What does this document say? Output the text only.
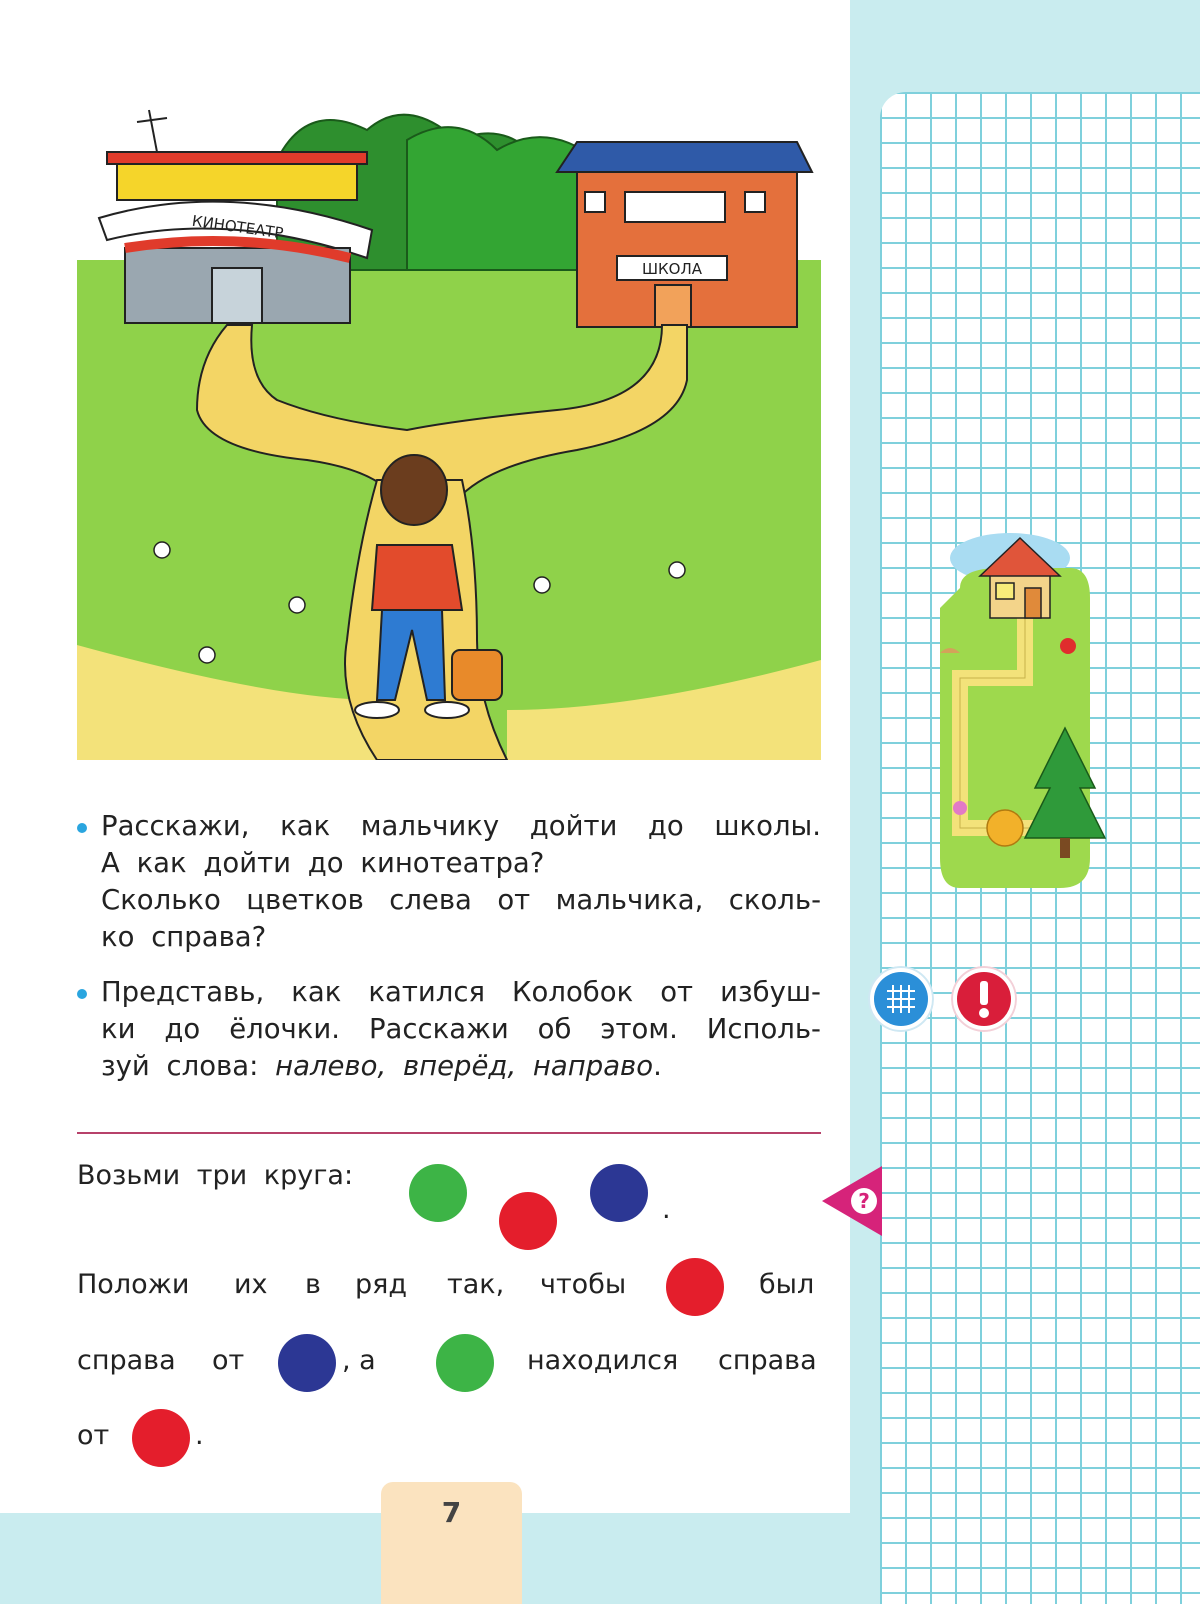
КИНОТЕАТР
ШКОЛА
Расскажи, как мальчику дойти до школы.
А как дойти до кинотеатра?
Сколько цветков слева от мальчика, сколь-
ко справа?
Представь, как катился Колобок от избуш-
ки до ёлочки. Расскажи об этом. Исполь-
зуй слова: налево, вперёд, направо.
Возьми три круга:
.
Положи их в ряд так, чтобы	был
справа от	, а	находился справа
от	.
?
7
